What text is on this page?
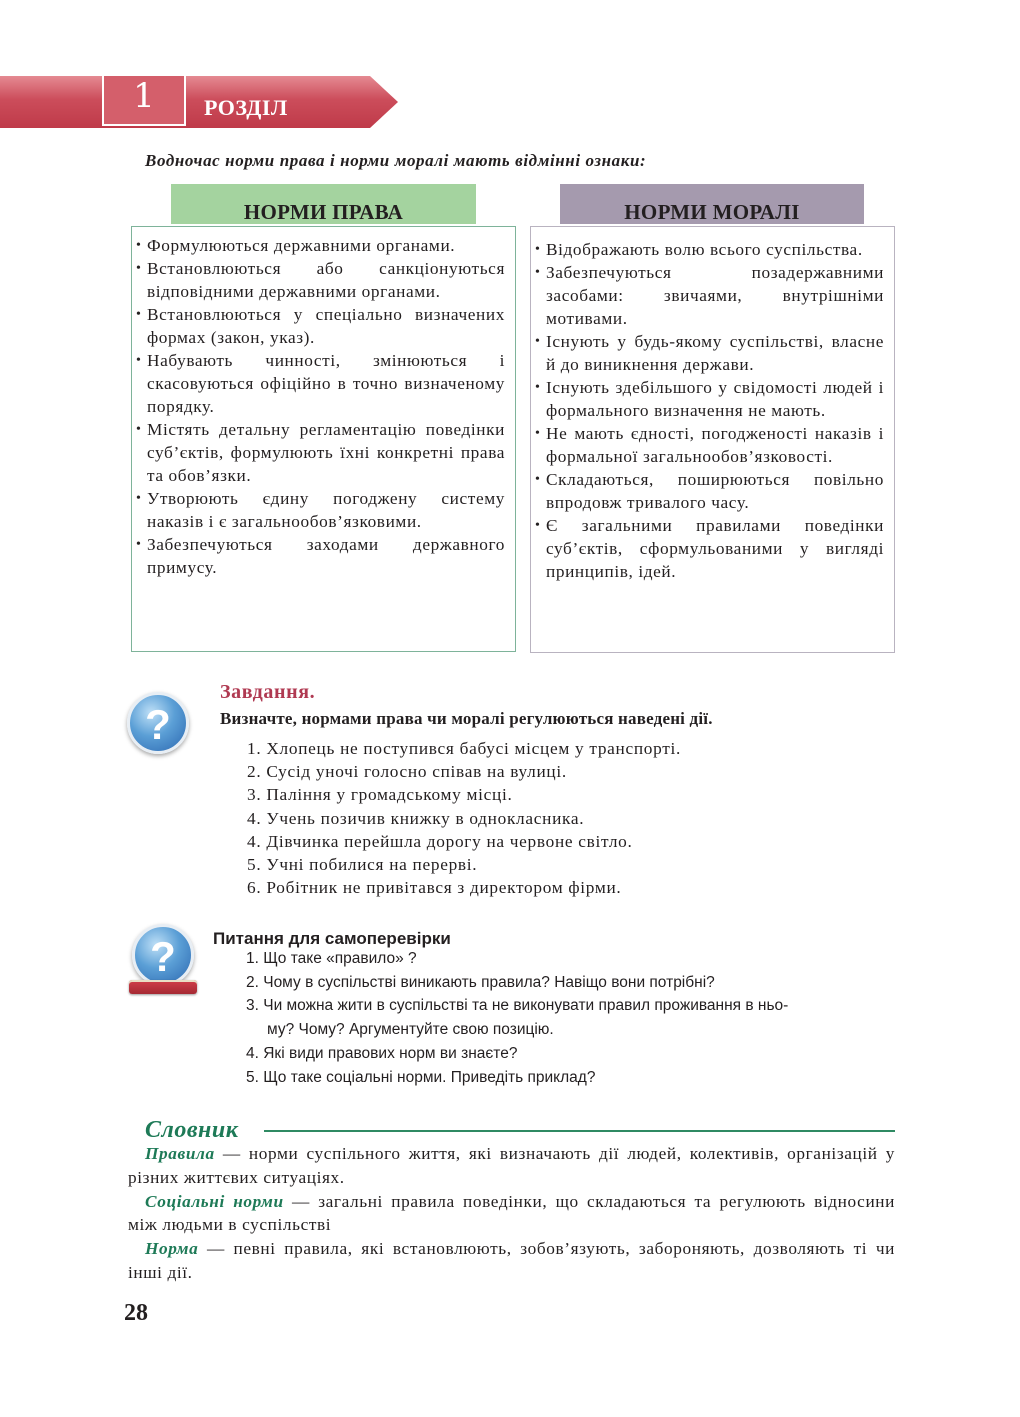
1	РОЗДІЛ
Водночас норми права і норми моралі мають відмінні ознаки:
НОРМИ ПРАВА	НОРМИ МОРАЛІ
• Формулюються державними органами.
• Встановлюються або санкціонуються відповідними державними органами.
• Встановлюються у спеціально визначених формах (закон, указ).
• Набувають чинності, змінюються і скасовуються офіційно в точно визначеному порядку.
• Містять детальну регламентацію поведінки суб’єктів, формулюють їхні конкретні права та обов’язки.
• Утворюють єдину погоджену систему наказів і є загальнообов’язковими.
• Забезпечуються заходами державного примусу.
• Відображають волю всього суспільства.
• Забезпечуються позадержавними засобами: звичаями, внутрішніми мотивами.
• Існують у будь-якому суспільстві, власне й до виникнення держави.
• Існують здебільшого у свідомості людей і формального визначення не мають.
• Не мають єдності, погодженості наказів і формальної загальнообов’язковості.
• Складаються, поширюються повільно впродовж тривалого часу.
• Є загальними правилами поведінки суб’єктів, сформульованими у вигляді принципів, ідей.
?
Завдання.
Визначте, нормами права чи моралі регулюються наведені дії.
1. Хлопець не поступився бабусі місцем у транспорті.
2. Сусід уночі голосно співав на вулиці.
3. Паління у громадському місці.
4. Учень позичив книжку в однокласника.
4. Дівчинка перейшла дорогу на червоне світло.
5. Учні побилися на перерві.
6. Робітник не привітався з директором фірми.
?	Питання для самоперевірки
1. Що таке «правило» ?
2. Чому в суспільстві виникають правила? Навіщо вони потрібні?
3. Чи можна жити в суспільстві та не виконувати правил проживання в ньо-
му? Чому? Аргументуйте свою позицію.
4. Які види правових норм ви знаєте?
5. Що таке соціальні норми. Приведіть приклад?
Словник

Правила — норми суспільного життя, які визначають дії людей, колективів, організацій у різних життєвих ситуаціях.

Соціальні норми — загальні правила поведінки, що складаються та регулюють відносини між людьми в суспільстві

Норма — певні правила, які встановлюють, зобов’язують, забороняють, дозволяють ті чи інші дії.

28
